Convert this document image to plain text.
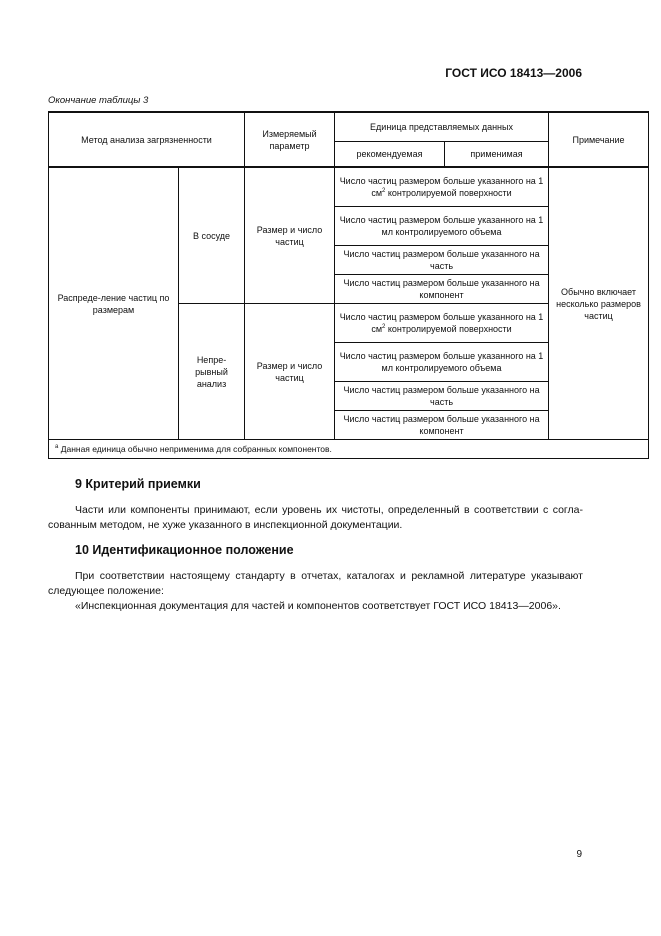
ГОСТ ИСО 18413—2006
Окончание таблицы 3
Метод анализа загрязненности		Измеряемый параметр	Единица представляемых данных		Примечание
			рекомендуемая	применимая	
Распреде-ление частиц по размерам	В сосуде	Размер и число частиц	Число частиц размером больше указанного на 1 $см^2$ контролируемой поверхности		Обычно включает несколько размеров частиц
			Число частиц размером больше указанного на 1 мл контролируемого объема		
			Число частиц размером больше указанного на часть		
			Число частиц размером больше указанного на компонент		
	Непре-рывный анализ	Размер и число частиц	Число частиц размером больше указанного на 1 $см^2$ контролируемой поверхности		
			Число частиц размером больше указанного на 1 мл контролируемого объема		
			Число частиц размером больше указанного на часть		
			Число частиц размером больше указанного на компонент		
$^а$ Данная единица обычно неприменима для собранных компонентов.					
9 Критерий приемки
Части или компоненты принимают, если уровень их чистоты, определенный в соответствии с согла-сованным методом, не хуже указанного в инспекционной документации.
10 Идентификационное положение
При соответствии настоящему стандарту в отчетах, каталогах и рекламной литературе указывают следующее положение:
«Инспекционная документация для частей и компонентов соответствует ГОСТ ИСО 18413—2006».
9
